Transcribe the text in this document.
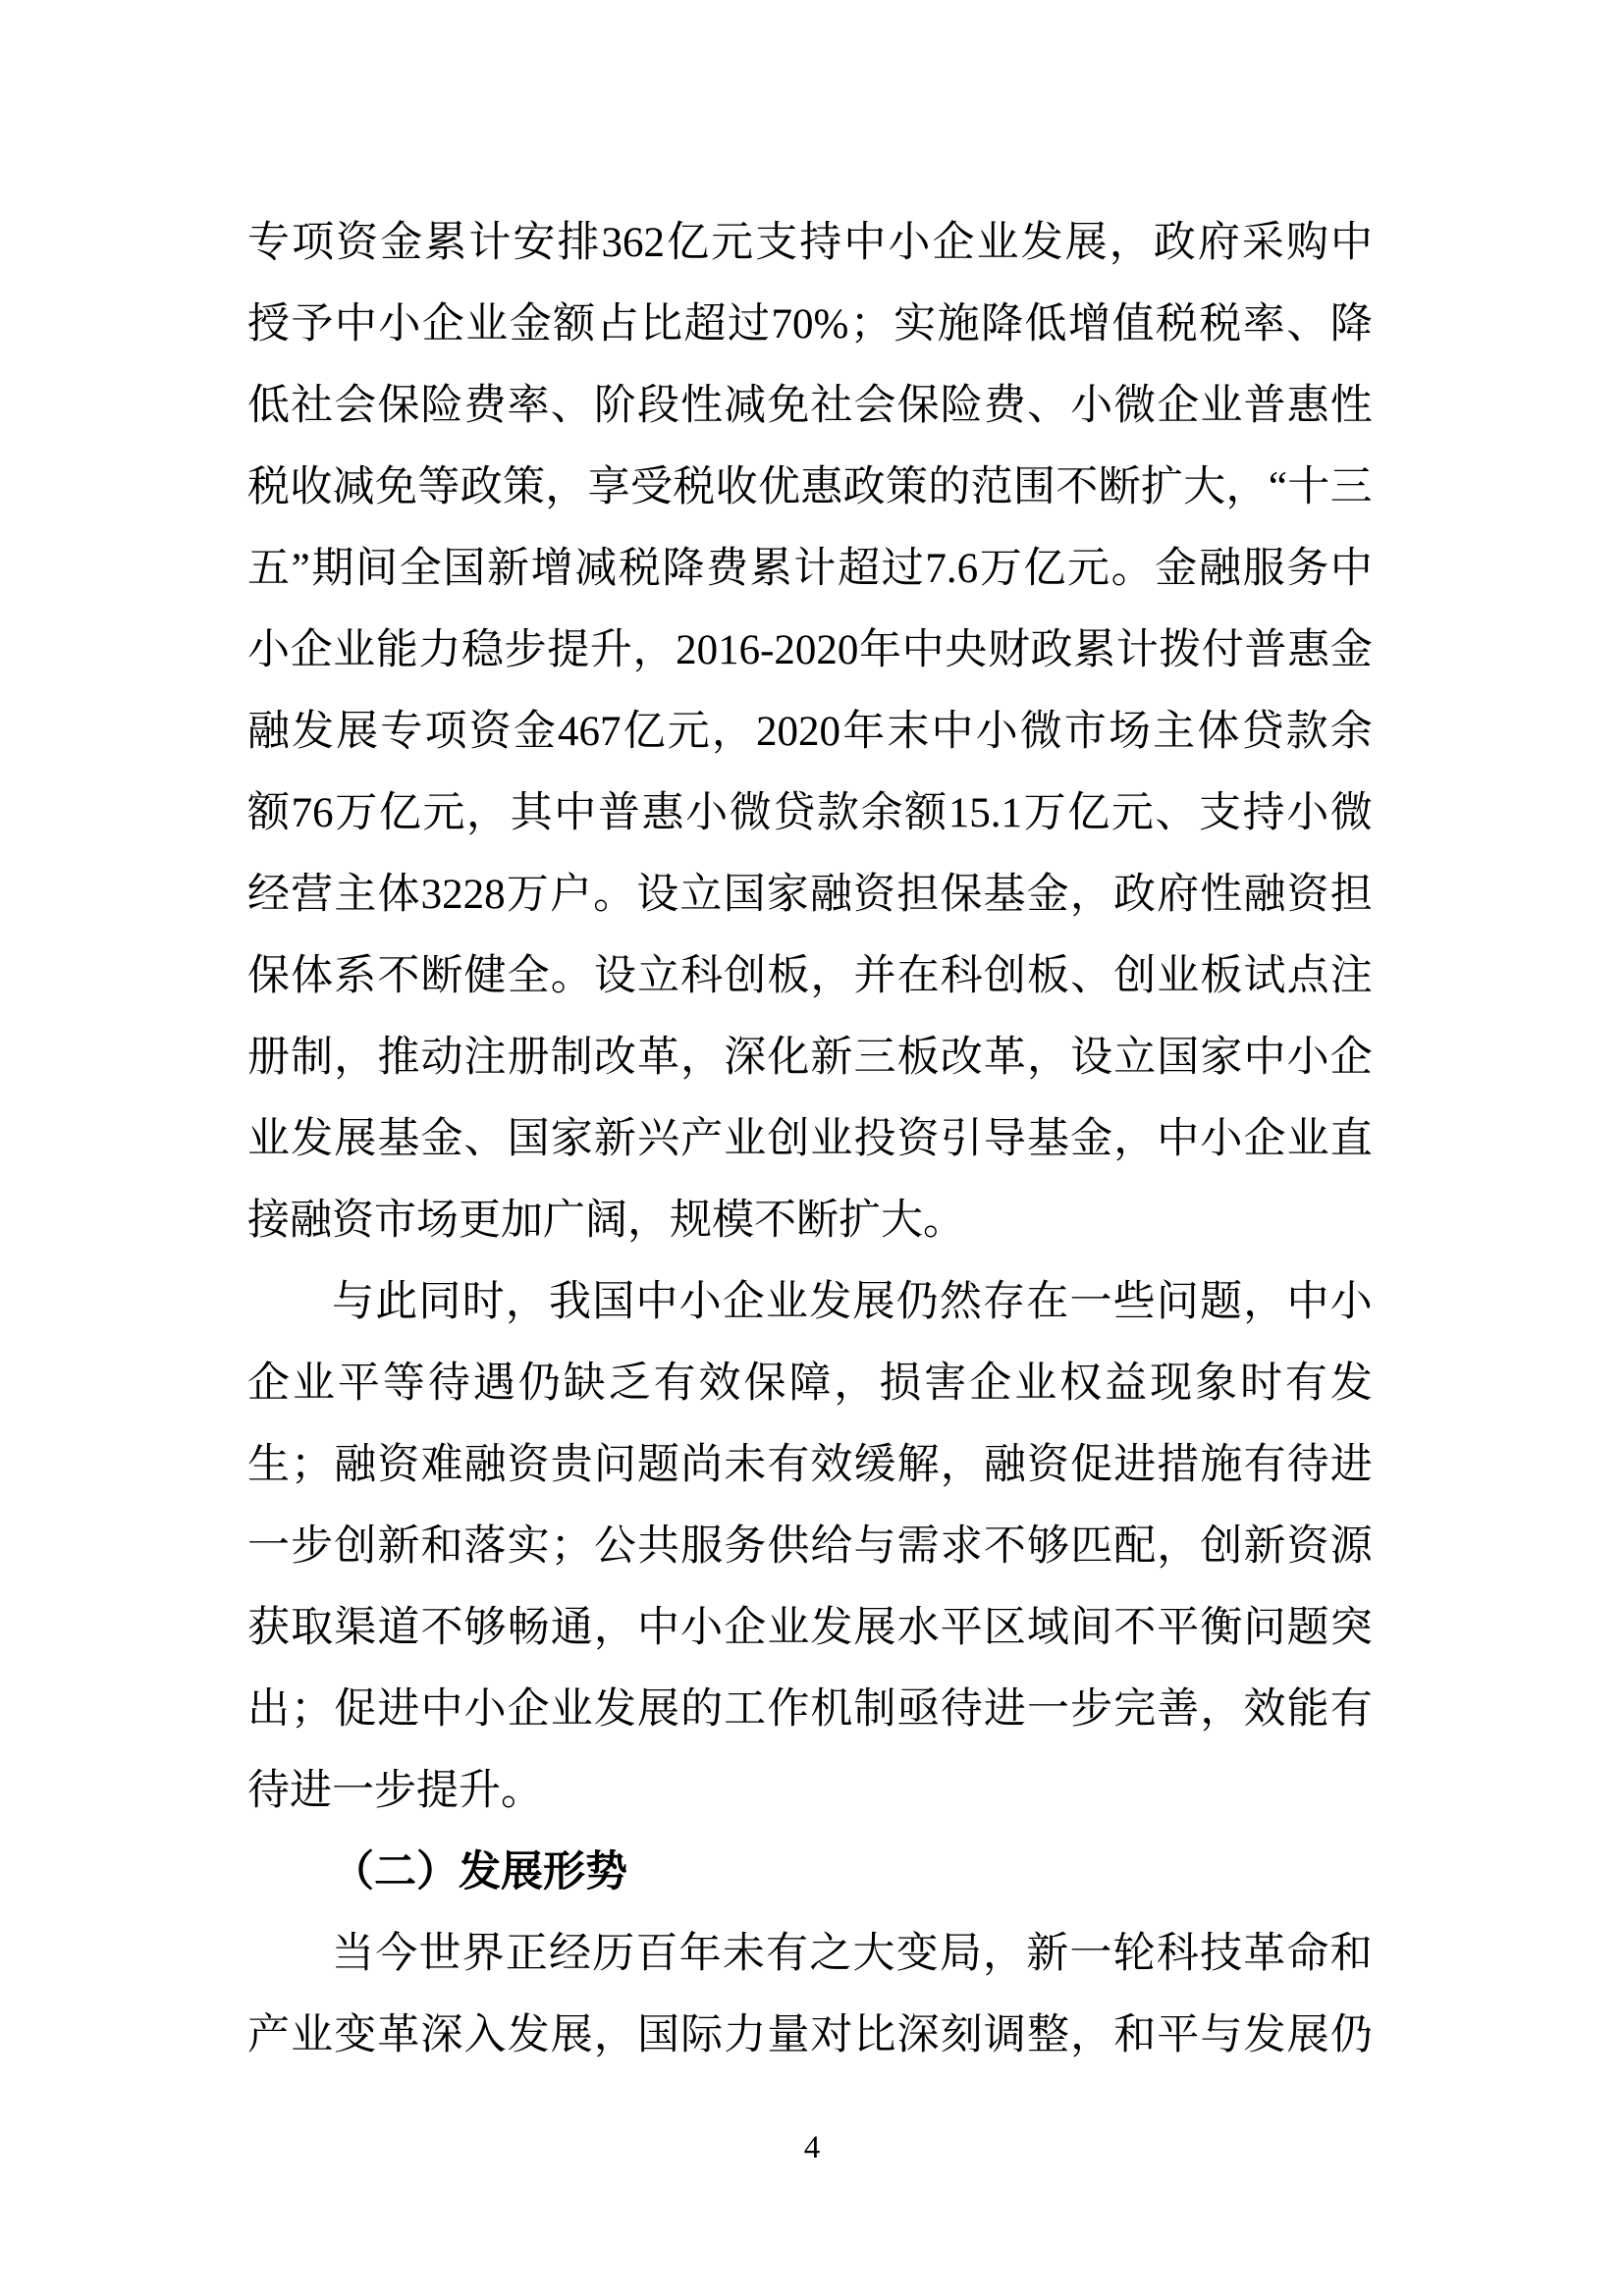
专 项 资 金 累 计 安 排 362 亿 元 支 持 中 小 企 业 发 展 ， 政 府 采 购 中
授 予 中 小 企 业 金 额 占 比 超 过 70% ； 实 施 降 低 增 值 税 税 率 、 降
低 社 会 保 险 费 率 、 阶 段 性 减 免 社 会 保 险 费 、 小 微 企 业 普 惠 性
税 收 减 免 等 政 策 ， 享 受 税 收 优 惠 政 策 的 范 围 不 断 扩 大 ， “ 十 三
五 ” 期 间 全 国 新 增 减 税 降 费 累 计 超 过 7.6 万 亿 元 。 金 融 服 务 中
小 企 业 能 力 稳 步 提 升 ， 2016-2020 年 中 央 财 政 累 计 拨 付 普 惠 金
融 发 展 专 项 资 金 467 亿 元 ， 2020 年 末 中 小 微 市 场 主 体 贷 款 余
额 76 万 亿 元 ， 其 中 普 惠 小 微 贷 款 余 额 15.1 万 亿 元 、 支 持 小 微
经 营 主 体 3228 万 户 。 设 立 国 家 融 资 担 保 基 金 ， 政 府 性 融 资 担
保 体 系 不 断 健 全 。 设 立 科 创 板 ， 并 在 科 创 板 、 创 业 板 试 点 注
册 制 ， 推 动 注 册 制 改 革 ， 深 化 新 三 板 改 革 ， 设 立 国 家 中 小 企
业 发 展 基 金 、 国 家 新 兴 产 业 创 业 投 资 引 导 基 金 ， 中 小 企 业 直
接融资市场更加广阔，规模不断扩大。
与 此 同 时 ， 我 国 中 小 企 业 发 展 仍 然 存 在 一 些 问 题 ， 中 小
企 业 平 等 待 遇 仍 缺 乏 有 效 保 障 ， 损 害 企 业 权 益 现 象 时 有 发
生 ； 融 资 难 融 资 贵 问 题 尚 未 有 效 缓 解 ， 融 资 促 进 措 施 有 待 进
一 步 创 新 和 落 实 ； 公 共 服 务 供 给 与 需 求 不 够 匹 配 ， 创 新 资 源
获 取 渠 道 不 够 畅 通 ， 中 小 企 业 发 展 水 平 区 域 间 不 平 衡 问 题 突
出 ； 促 进 中 小 企 业 发 展 的 工 作 机 制 亟 待 进 一 步 完 善 ， 效 能 有
待进一步提升。
（二）发展形势
当 今 世 界 正 经 历 百 年 未 有 之 大 变 局 ， 新 一 轮 科 技 革 命 和
产 业 变 革 深 入 发 展 ， 国 际 力 量 对 比 深 刻 调 整 ， 和 平 与 发 展 仍
4
